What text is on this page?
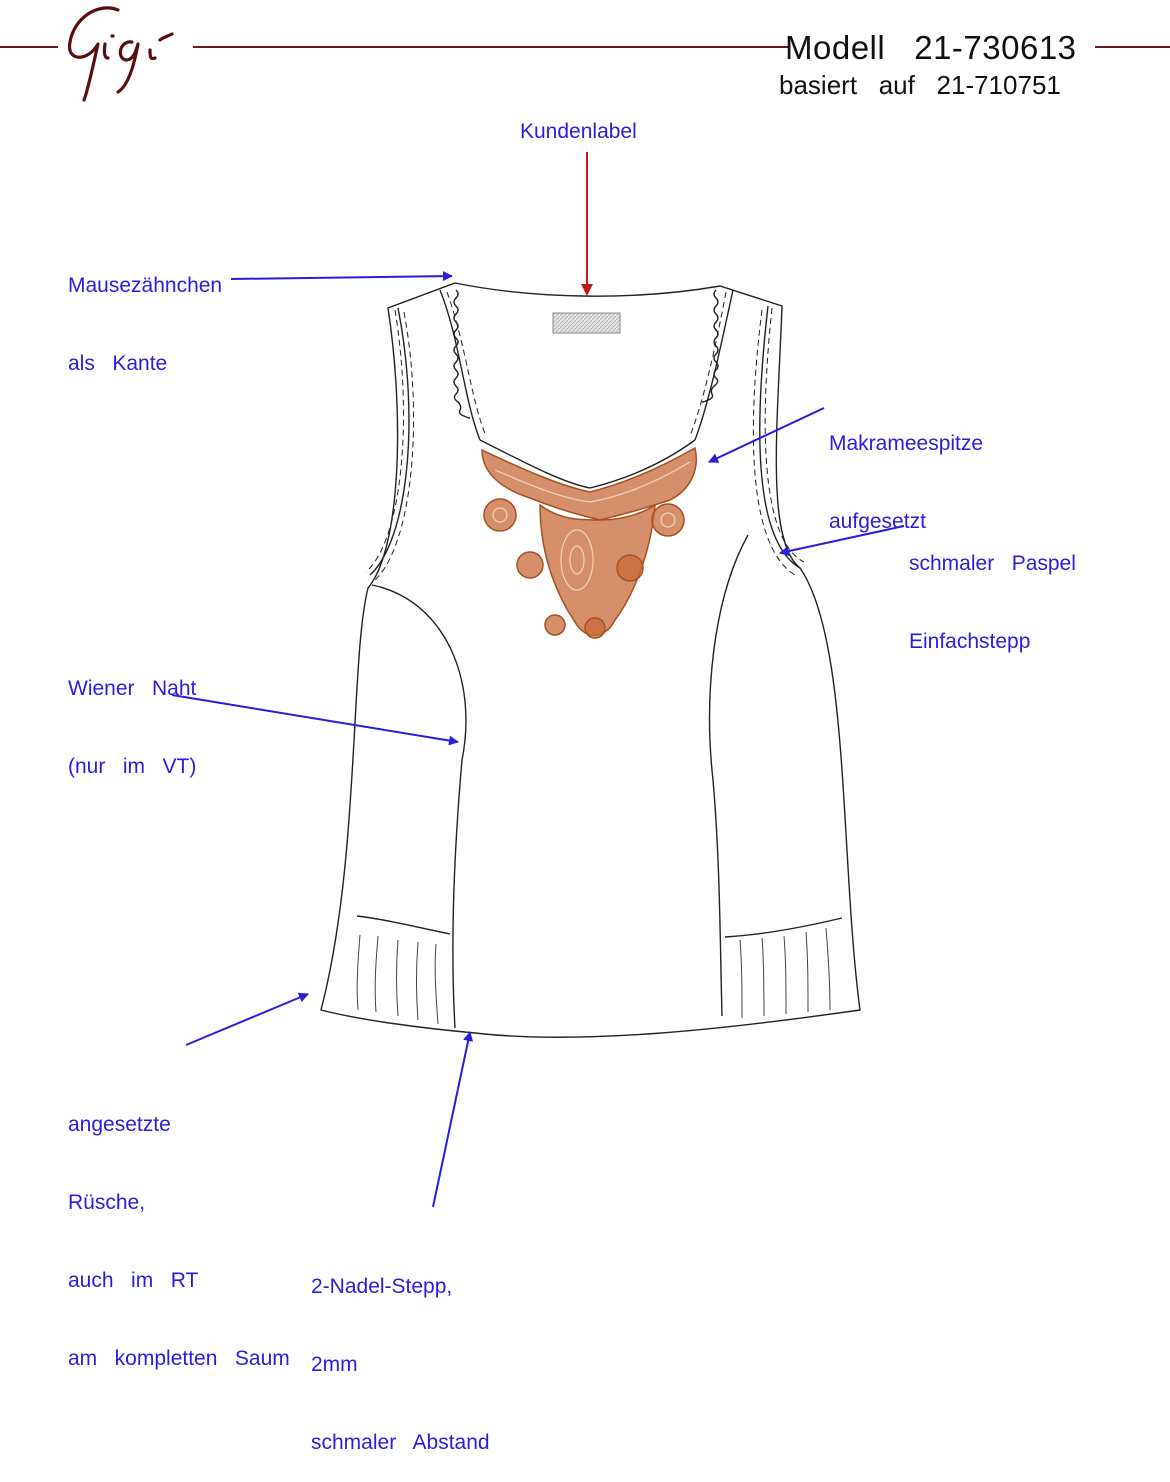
Modell   21-730613
basiert   auf   21-710751
Kundenlabel

Mausezähnchen

als   Kante

Makrameespitze

aufgesetzt

schmaler   Paspel

Einfachstepp

Wiener   Naht

(nur   im   VT)

angesetzte

Rüsche,

auch   im   RT

am   kompletten   Saum

2-Nadel-Stepp,

2mm

schmaler   Abstand
